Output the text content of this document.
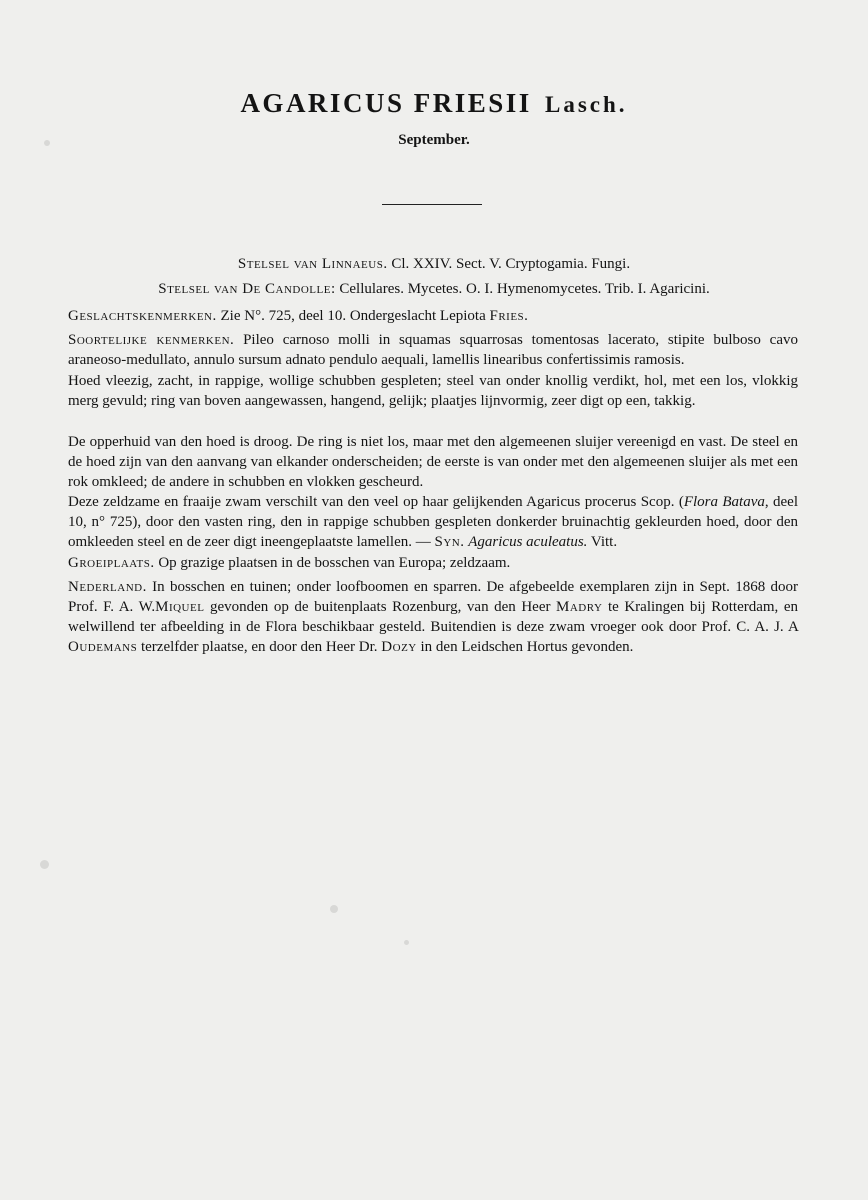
AGARICUS FRIESII Lasch.
September.
Stelsel van Linnaeus. Cl. XXIV. Sect. V. Cryptogamia. Fungi.
Stelsel van De Candolle: Cellulares. Mycetes. O. I. Hymenomycetes. Trib. I. Agaricini.
Geslachtskenmerken. Zie N°. 725, deel 10. Ondergeslacht Lepiota Fries.
Soortelijke kenmerken. Pileo carnoso molli in squamas squarrosas tomentosas lacerato, stipite bulboso cavo araneoso-medullato, annulo sursum adnato pendulo aequali, lamellis linearibus confertissimis ramosis.
Hoed vleezig, zacht, in rappige, wollige schubben gespleten; steel van onder knollig verdikt, hol, met een los, vlokkig merg gevuld; ring van boven aangewassen, hangend, gelijk; plaatjes lijnvormig, zeer digt op een, takkig.
De opperhuid van den hoed is droog. De ring is niet los, maar met den algemeenen sluijer vereenigd en vast. De steel en de hoed zijn van den aanvang van elkander onderscheiden; de eerste is van onder met den algemeenen sluijer als met een rok omkleed; de andere in schubben en vlokken gescheurd.
Deze zeldzame en fraaije zwam verschilt van den veel op haar gelijkenden Agaricus procerus Scop. (Flora Batava, deel 10, n° 725), door den vasten ring, den in rappige schubben gespleten donkerder bruinachtig gekleurden hoed, door den omkleeden steel en de zeer digt ineengeplaatste lamellen. — Syn. Agaricus aculeatus. Vitt.
Groeiplaats. Op grazige plaatsen in de bosschen van Europa; zeldzaam.
Nederland. In bosschen en tuinen; onder loofboomen en sparren. De afgebeelde exemplaren zijn in Sept. 1868 door Prof. F. A. W.Miquel gevonden op de buitenplaats Rozenburg, van den Heer Madry te Kralingen bij Rotterdam, en welwillend ter afbeelding in de Flora beschikbaar gesteld. Buitendien is deze zwam vroeger ook door Prof. C. A. J. A Oudemans terzelfder plaatse, en door den Heer Dr. Dozy in den Leidschen Hortus gevonden.
